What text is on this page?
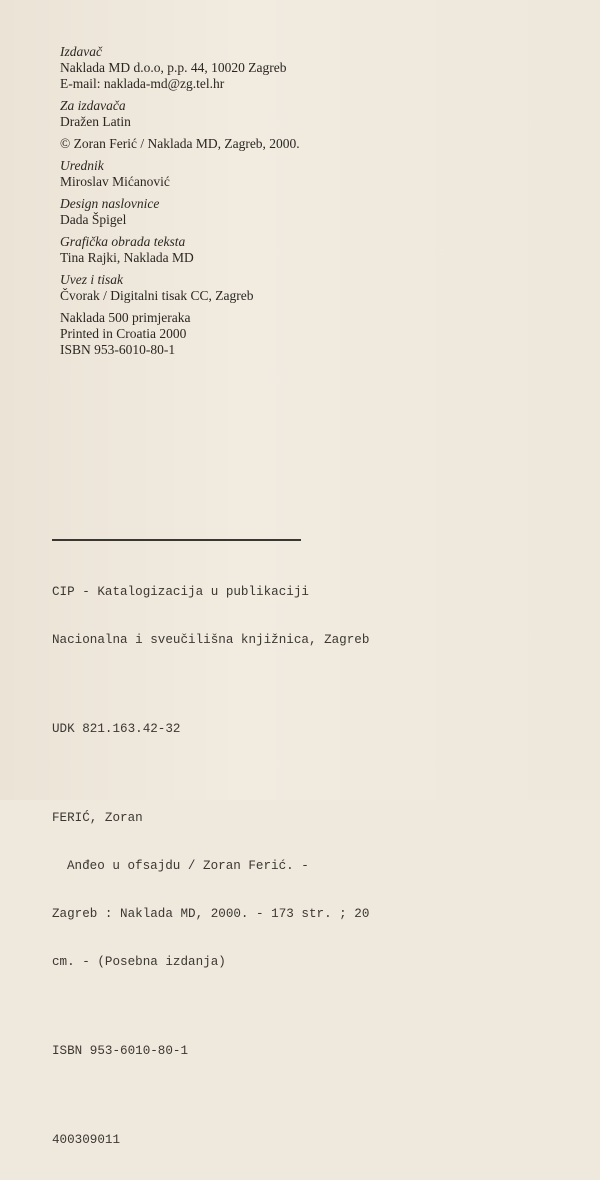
Izdavač
Naklada MD d.o.o, p.p. 44, 10020 Zagreb
E-mail: naklada-md@zg.tel.hr
Za izdavača
Dražen Latin
© Zoran Ferić / Naklada MD, Zagreb, 2000.
Urednik
Miroslav Mićanović
Design naslovnice
Dada Špigel
Grafička obrada teksta
Tina Rajki, Naklada MD
Uvez i tisak
Čvorak / Digitalni tisak CC, Zagreb
Naklada 500 primjeraka
Printed in Croatia 2000
ISBN 953-6010-80-1

CIP - Katalogizacija u publikaciji

Nacionalna i sveučilišna knjižnica, Zagreb

UDK 821.163.42-32

FERIĆ, Zoran

Anđeo u ofsajdu / Zoran Ferić. -

Zagreb : Naklada MD, 2000. - 173 str. ; 20

cm. - (Posebna izdanja)

ISBN 953-6010-80-1

400309011
